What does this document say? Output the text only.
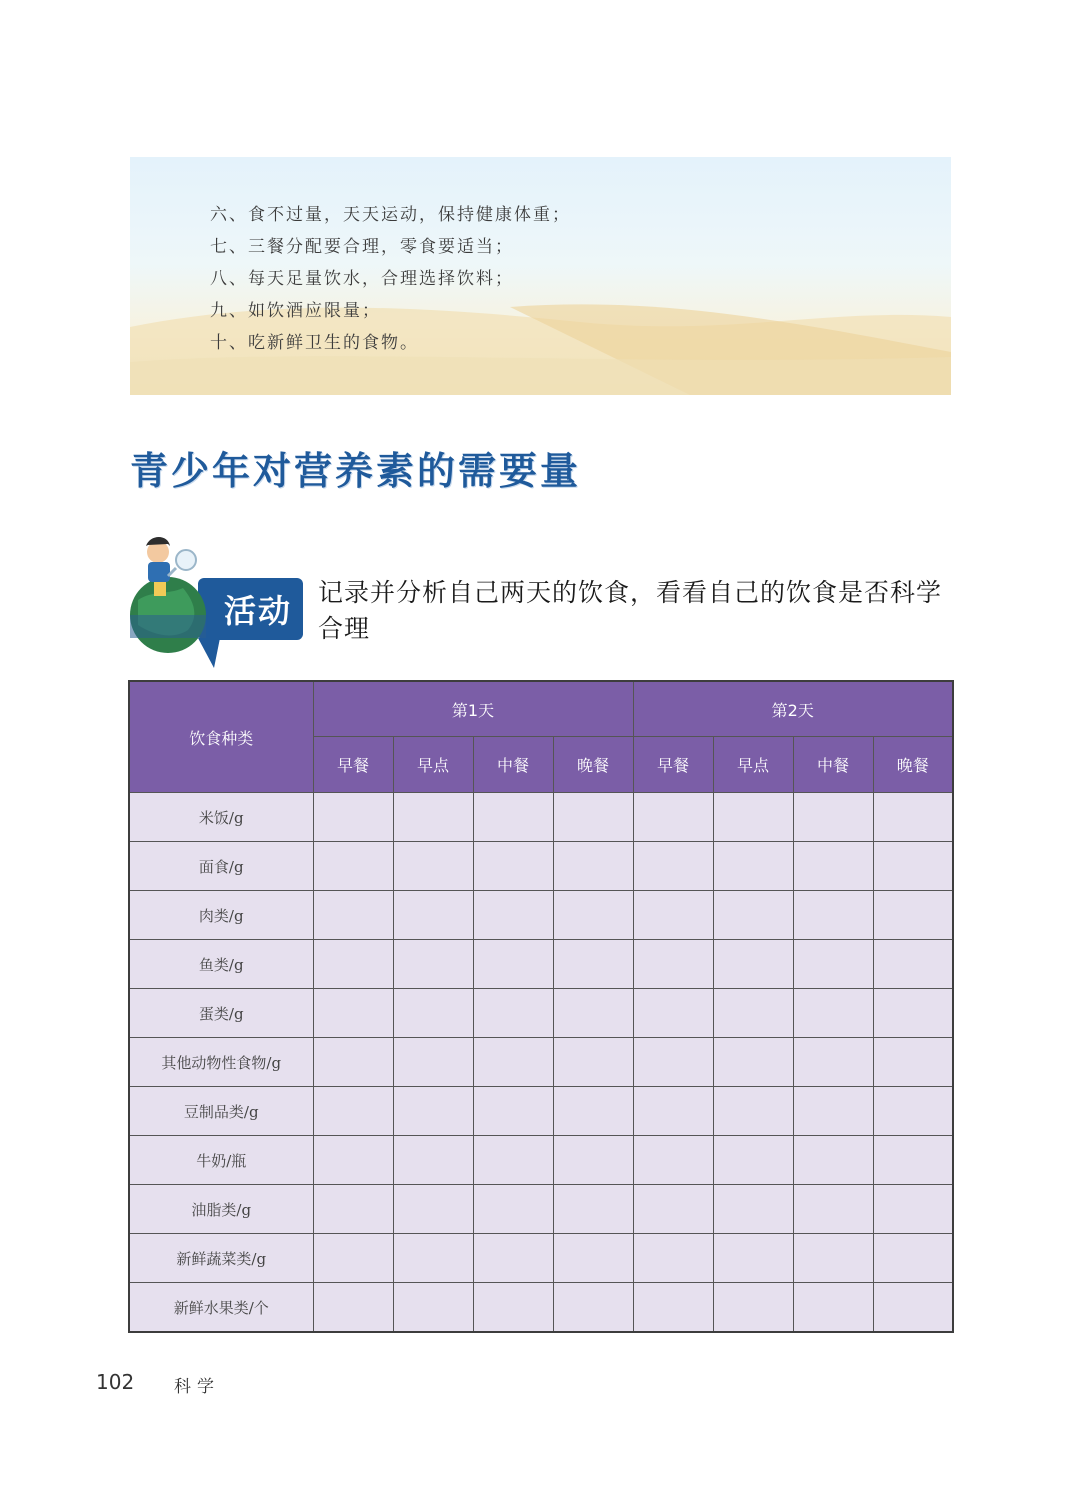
六、食不过量，天天运动，保持健康体重；
七、三餐分配要合理，零食要适当；
八、每天足量饮水，合理选择饮料；
九、如饮酒应限量；
十、吃新鲜卫生的食物。
青少年对营养素的需要量
活动	记录并分析自己两天的饮食，看看自己的饮食是否科学合理
饮食种类	第1天				第2天			
	早餐	早点	中餐	晚餐	早餐	早点	中餐	晚餐
米饭/g								
面食/g								
肉类/g								
鱼类/g								
蛋类/g								
其他动物性食物/g								
豆制品类/g								
牛奶/瓶								
油脂类/g								
新鲜蔬菜类/g								
新鲜水果类/个								
102 科学
